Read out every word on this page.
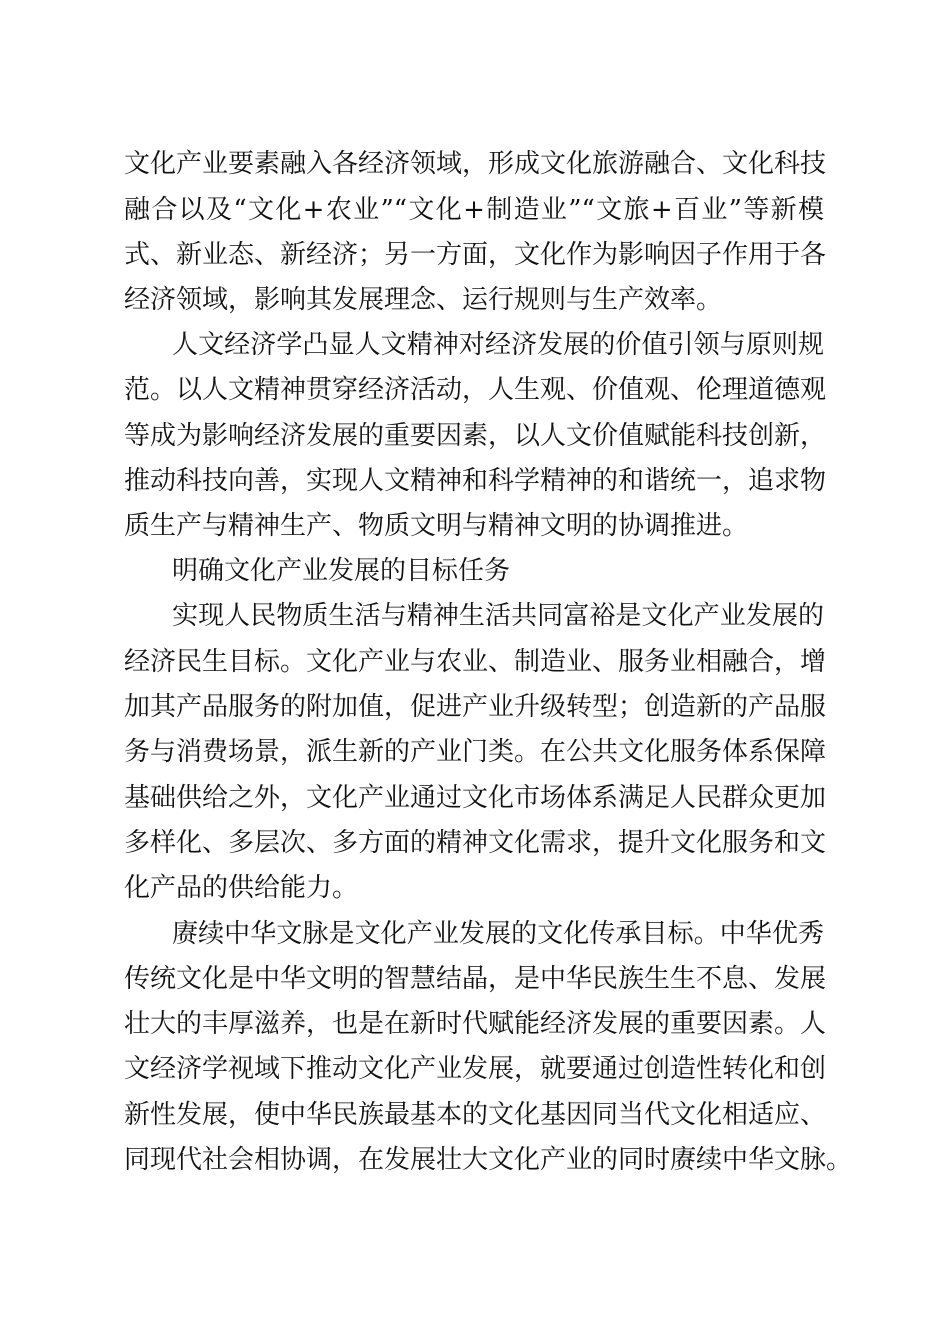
文化产业要素融入各经济领域，形成文化旅游融合、文化科技
融合以及“文化+农业”“文化+制造业”“文旅+百业”等新模
式、新业态、新经济；另一方面，文化作为影响因子作用于各
经济领域，影响其发展理念、运行规则与生产效率。
人文经济学凸显人文精神对经济发展的价值引领与原则规
范。以人文精神贯穿经济活动，人生观、价值观、伦理道德观
等成为影响经济发展的重要因素，以人文价值赋能科技创新，
推动科技向善，实现人文精神和科学精神的和谐统一，追求物
质生产与精神生产、物质文明与精神文明的协调推进。
明确文化产业发展的目标任务
实现人民物质生活与精神生活共同富裕是文化产业发展的
经济民生目标。文化产业与农业、制造业、服务业相融合，增
加其产品服务的附加值，促进产业升级转型；创造新的产品服
务与消费场景，派生新的产业门类。在公共文化服务体系保障
基础供给之外，文化产业通过文化市场体系满足人民群众更加
多样化、多层次、多方面的精神文化需求，提升文化服务和文
化产品的供给能力。
赓续中华文脉是文化产业发展的文化传承目标。中华优秀
传统文化是中华文明的智慧结晶，是中华民族生生不息、发展
壮大的丰厚滋养，也是在新时代赋能经济发展的重要因素。人
文经济学视域下推动文化产业发展，就要通过创造性转化和创
新性发展，使中华民族最基本的文化基因同当代文化相适应、
同现代社会相协调，在发展壮大文化产业的同时赓续中华文脉。
